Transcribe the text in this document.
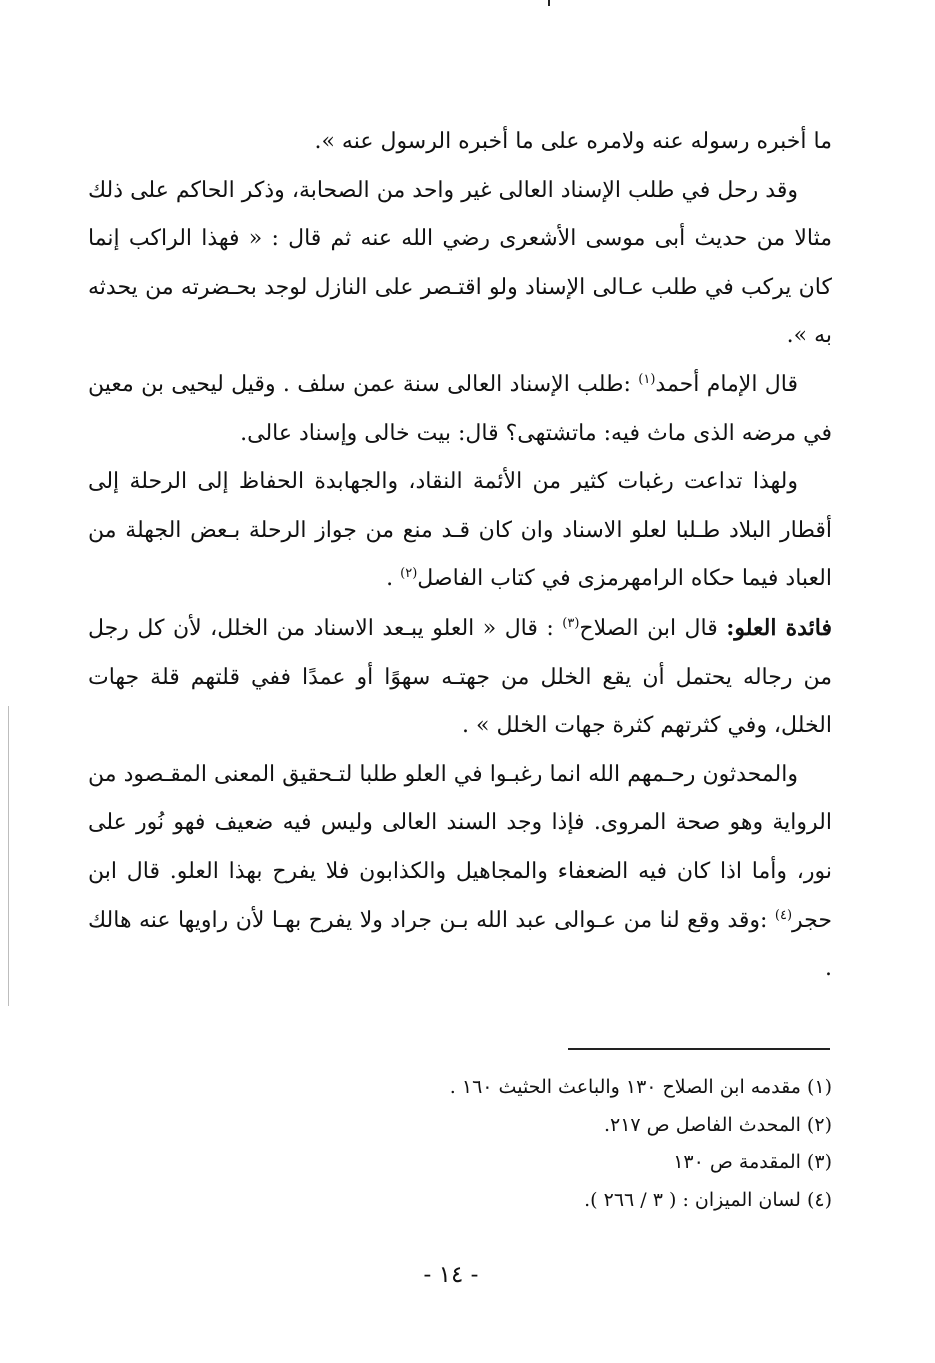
ما أخبره رسوله عنه ولامره على ما أخبره الرسول عنه ».

وقد رحل في طلب الإسناد العالى غير واحد من الصحابة، وذكر الحاكم على ذلك مثالا من حديث أبى موسى الأشعرى رضي الله عنه ثم قال : « فهذا الراكب إنما كان يركب في طلب عـالى الإسناد ولو اقتـصر على النازل لوجد بحـضرته من يحدثه به ».

قال الإمام أحمد$^{(١)}$ :طلب الإسناد العالى سنة عمن سلف . وقيل ليحيى بن معين في مرضه الذى ماث فيه: ماتشتهى؟ قال: بيت خالى وإسناد عالى.

ولهذا تداعت رغبات كثير من الأئمة النقاد، والجهابدة الحفاظ إلى الرحلة إلى أقطار البلاد طـلبا لعلو الاسناد وان كان قـد منع من جواز الرحلة بـعض الجهلة من العباد فيما حكاه الرامهرمزى في كتاب الفاصل$^{(٢)}$ .

فائدة العلو: قال ابن الصلاح$^{(٣)}$ : قال « العلو يبـعد الاسناد من الخلل، لأن كل رجل من رجاله يحتمل أن يقع الخلل من جهتـه سهوًا أو عمدًا ففي قلتهم قلة جهات الخلل، وفي كثرتهم كثرة جهات الخلل » .

والمحدثون رحـمهم الله انما رغبـوا في العلو طلبا لتـحقيق المعنى المقـصود من الرواية وهو صحة المروى. فإذا وجد السند العالى وليس فيه ضعيف فهو نُور على نور، وأما اذا كان فيه الضعفاء والمجاهيل والكذابون فلا يفرح بهذا العلو. قال ابن حجر$^{(٤)}$ :وقد وقع لنا من عـوالى عبد الله بـن جراد ولا يفرح بهـا لأن راويها عنه هالك .

(١) مقدمه ابن الصلاح ١٣٠ والباعث الحثيث ١٦٠ .
(٢) المحدث الفاصل ص ٢١٧.
(٣) المقدمة ص ١٣٠
(٤) لسان الميزان : ( ٣ / ٢٦٦ ).
- ١٤ -
